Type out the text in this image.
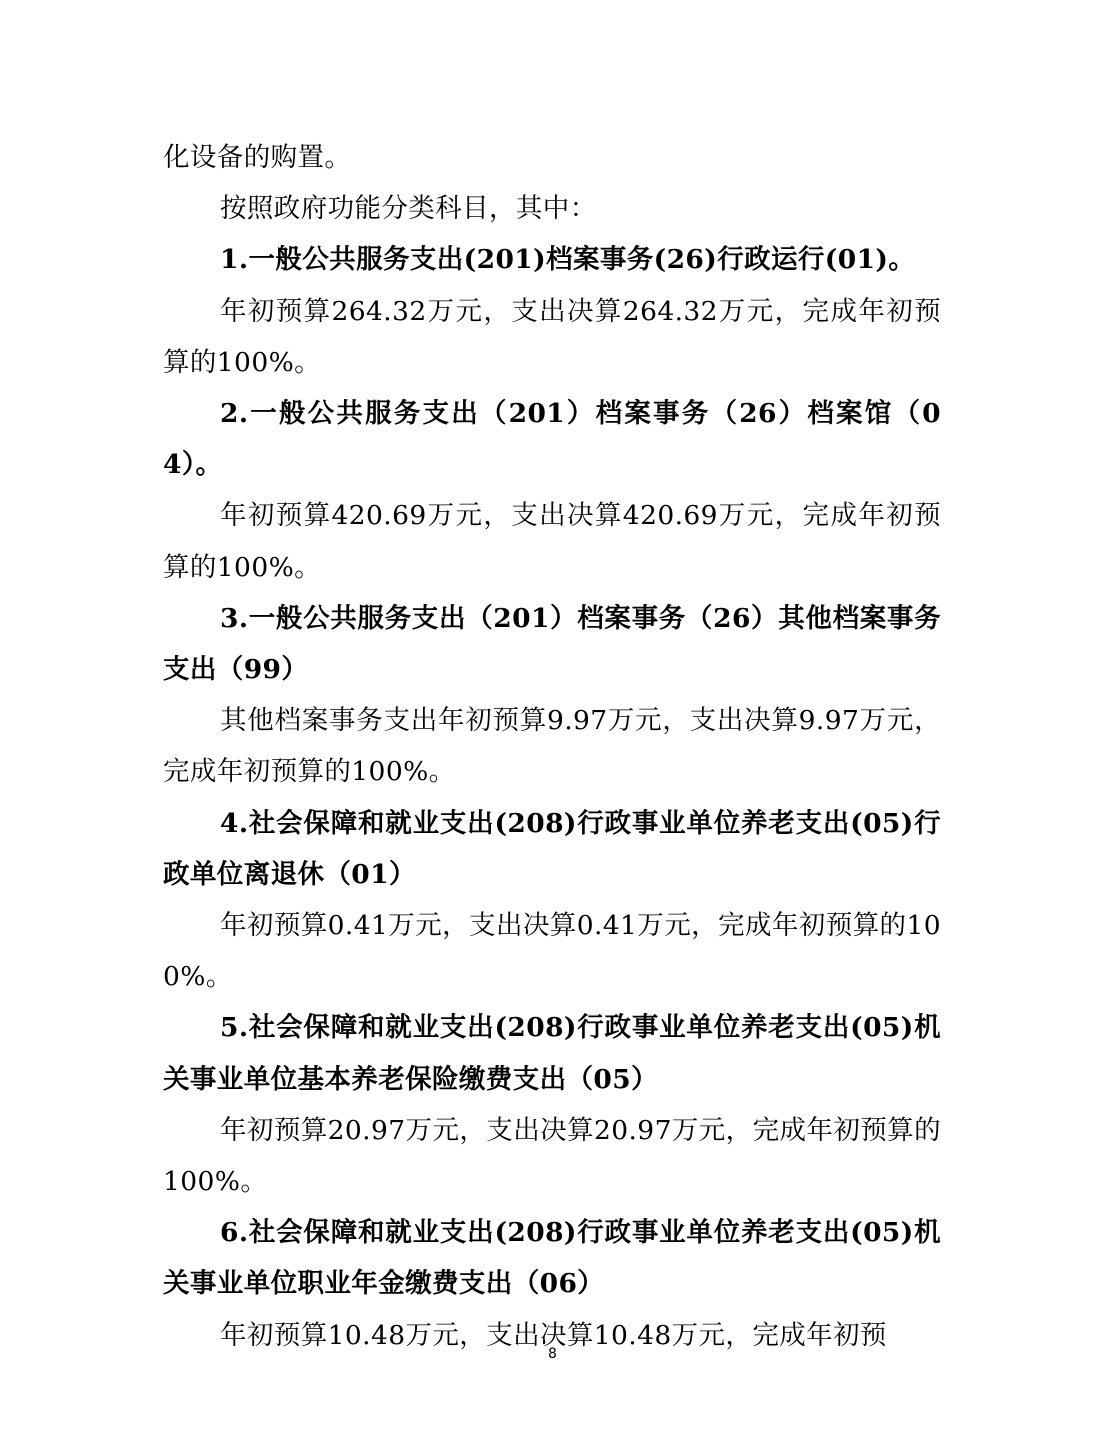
化设备的购置。

按照政府功能分类科目，其中：

1.一般公共服务支出(201)档案事务(26)行政运行(01)。

年初预算264.32万元，支出决算264.32万元，完成年初预算的100%。

2.一般公共服务支出（201）档案事务（26）档案馆（04）。

年初预算420.69万元，支出决算420.69万元，完成年初预算的100%。

3.一般公共服务支出（201）档案事务（26）其他档案事务支出（99）

其他档案事务支出年初预算9.97万元，支出决算9.97万元，完成年初预算的100%。

4.社会保障和就业支出(208)行政事业单位养老支出(05)行政单位离退休（01）

年初预算0.41万元，支出决算0.41万元，完成年初预算的100%。

5.社会保障和就业支出(208)行政事业单位养老支出(05)机关事业单位基本养老保险缴费支出（05）

年初预算20.97万元，支出决算20.97万元，完成年初预算的100%。

6.社会保障和就业支出(208)行政事业单位养老支出(05)机关事业单位职业年金缴费支出（06）

年初预算10.48万元，支出决算10.48万元，完成年初预

8
